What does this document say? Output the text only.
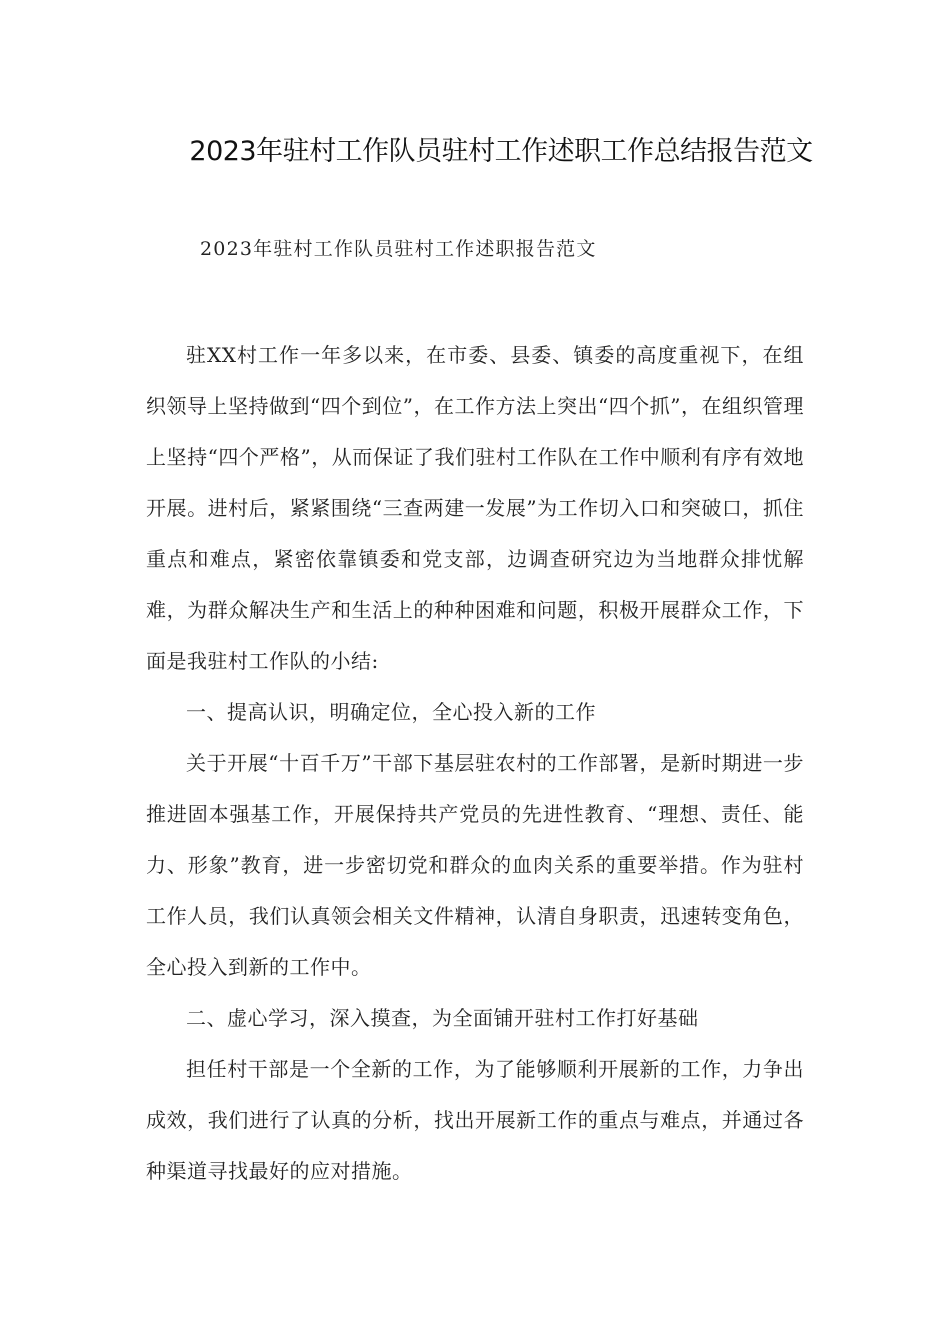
2023年驻村工作队员驻村工作述职工作总结报告范文
2023年驻村工作队员驻村工作述职报告范文

驻XX村工作一年多以来，在市委、县委、镇委的高度重视下，在组织领导上坚持做到“四个到位”，在工作方法上突出“四个抓”，在组织管理上坚持“四个严格”，从而保证了我们驻村工作队在工作中顺利有序有效地开展。进村后，紧紧围绕“三查两建一发展”为工作切入口和突破口，抓住重点和难点，紧密依靠镇委和党支部，边调查研究边为当地群众排忧解难，为群众解决生产和生活上的种种困难和问题，积极开展群众工作，下面是我驻村工作队的小结:

一、提高认识，明确定位，全心投入新的工作

关于开展“十百千万”干部下基层驻农村的工作部署，是新时期进一步推进固本强基工作，开展保持共产党员的先进性教育、“理想、责任、能力、形象”教育，进一步密切党和群众的血肉关系的重要举措。作为驻村工作人员，我们认真领会相关文件精神，认清自身职责，迅速转变角色，全心投入到新的工作中。

二、虚心学习，深入摸查，为全面铺开驻村工作打好基础

担任村干部是一个全新的工作，为了能够顺利开展新的工作，力争出成效，我们进行了认真的分析，找出开展新工作的重点与难点，并通过各种渠道寻找最好的应对措施。
